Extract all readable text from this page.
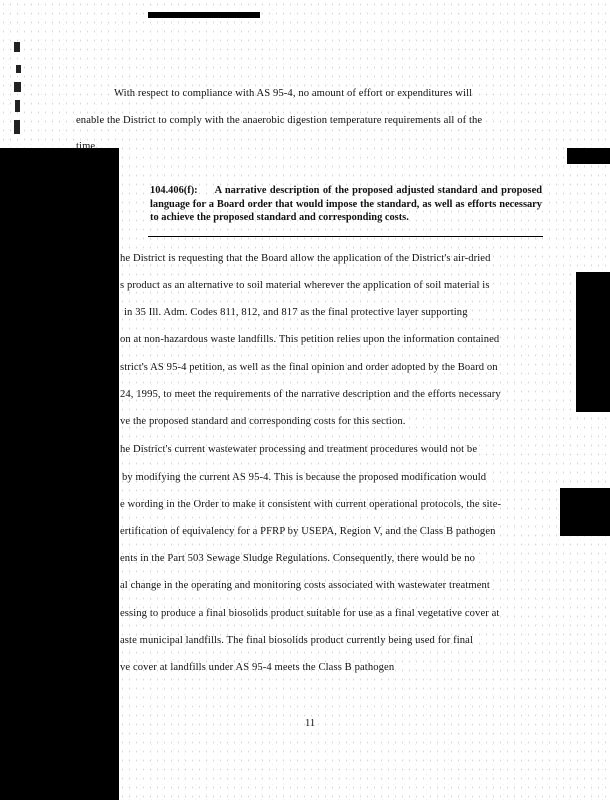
With respect to compliance with AS 95-4, no amount of effort or expenditures will
enable the District to comply with the anaerobic digestion temperature requirements all of the
time.
104.406(f): A narrative description of the proposed adjusted standard and proposed language for a Board order that would impose the standard, as well as efforts necessary to achieve the proposed standard and corresponding costs.
he District is requesting that the Board allow the application of the District's air-dried
s product as an alternative to soil material wherever the application of soil material is
in 35 Ill. Adm. Codes 811, 812, and 817 as the final protective layer supporting
on at non-hazardous waste landfills. This petition relies upon the information contained
strict's AS 95-4 petition, as well as the final opinion and order adopted by the Board on
24, 1995, to meet the requirements of the narrative description and the efforts necessary
ve the proposed standard and corresponding costs for this section.
he District's current wastewater processing and treatment procedures would not be
by modifying the current AS 95-4. This is because the proposed modification would
e wording in the Order to make it consistent with current operational protocols, the site-
ertification of equivalency for a PFRP by USEPA, Region V, and the Class B pathogen
ents in the Part 503 Sewage Sludge Regulations. Consequently, there would be no
al change in the operating and monitoring costs associated with wastewater treatment
essing to produce a final biosolids product suitable for use as a final vegetative cover at
aste municipal landfills. The final biosolids product currently being used for final
ve cover at landfills under AS 95-4 meets the Class B pathogen
11
